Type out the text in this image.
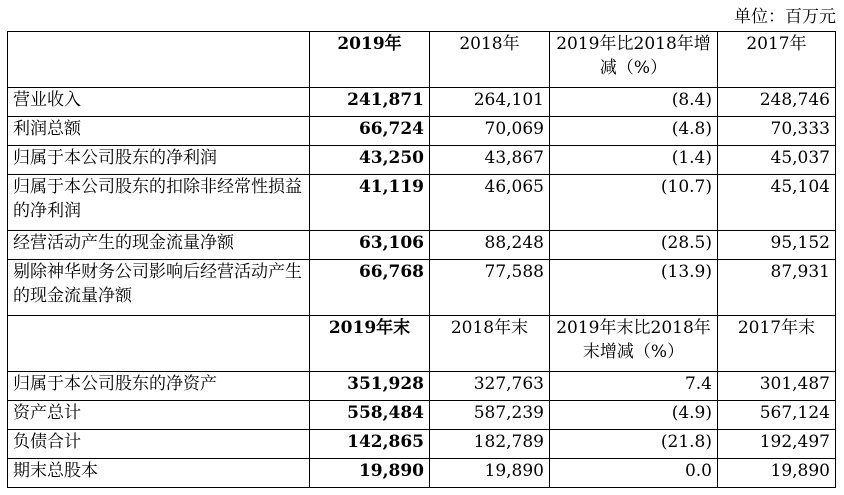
单位：百万元
	2019年	2018年	2019年比2018年增减（%）	2017年
营业收入	241,871	264,101	(8.4)	248,746
利润总额	66,724	70,069	(4.8)	70,333
归属于本公司股东的净利润	43,250	43,867	(1.4)	45,037
归属于本公司股东的扣除非经常性损益的净利润	41,119	46,065	(10.7)	45,104
经营活动产生的现金流量净额	63,106	88,248	(28.5)	95,152
剔除神华财务公司影响后经营活动产生的现金流量净额	66,768	77,588	(13.9)	87,931
	2019年末	2018年末	2019年末比2018年末增减（%）	2017年末
归属于本公司股东的净资产	351,928	327,763	7.4	301,487
资产总计	558,484	587,239	(4.9)	567,124
负债合计	142,865	182,789	(21.8)	192,497
期末总股本	19,890	19,890	0.0	19,890
